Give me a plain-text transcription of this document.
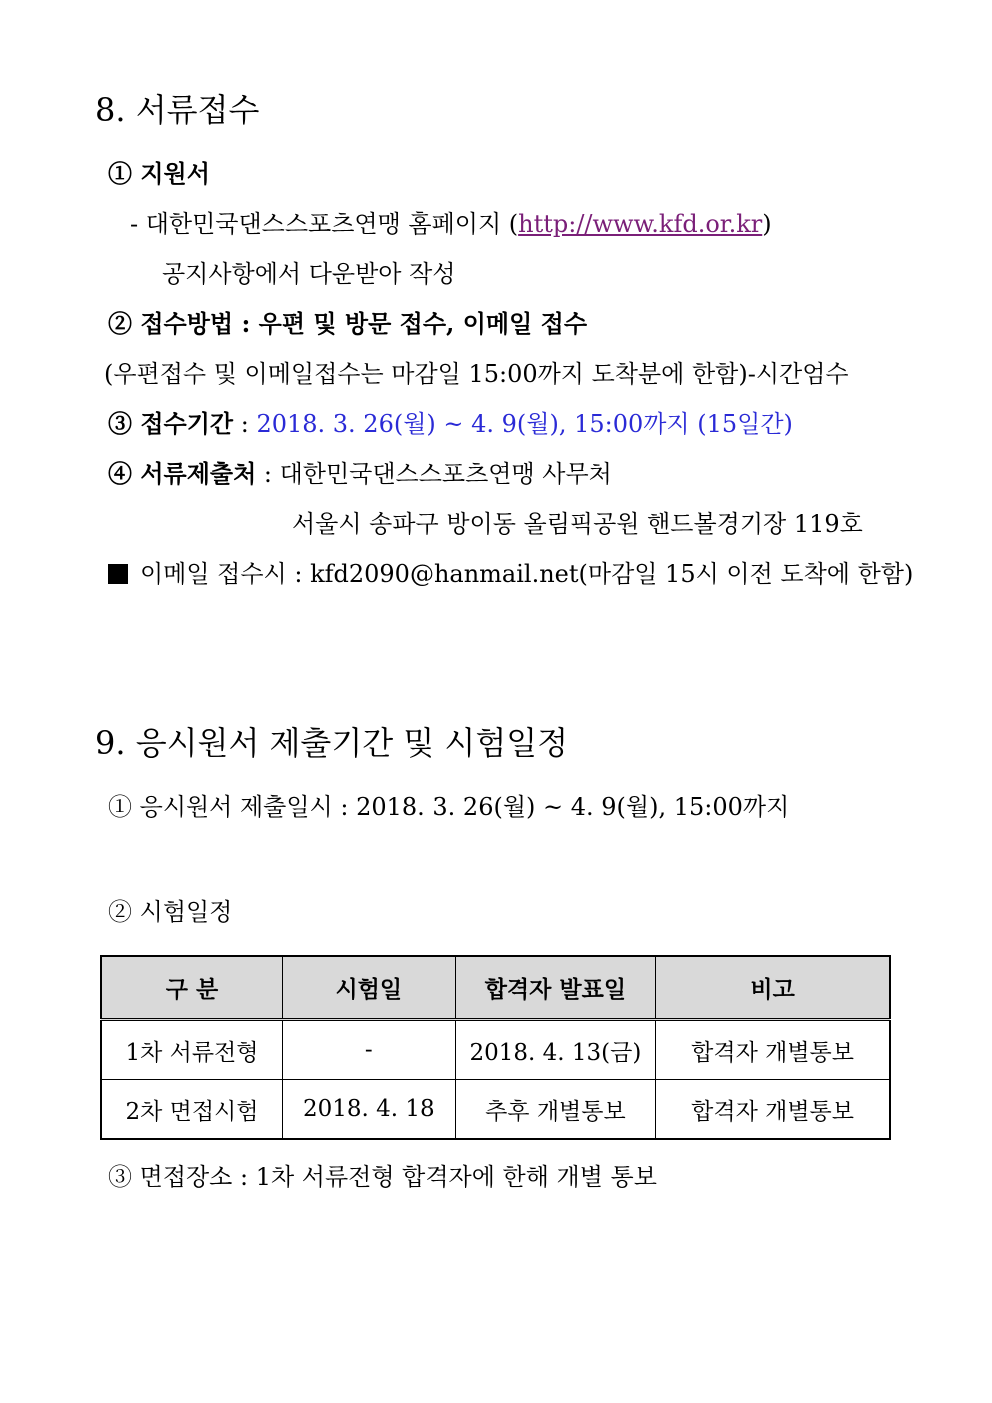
8. 서류접수
① 지원서
- 대한민국댄스스포츠연맹 홈페이지 (http://www.kfd.or.kr)
공지사항에서 다운받아 작성
② 접수방법 : 우편 및 방문 접수, 이메일 접수
(우편접수 및 이메일접수는 마감일 15:00까지 도착분에 한함)-시간엄수
③ 접수기간 : 2018. 3. 26(월) ~ 4. 9(월), 15:00까지 (15일간)
④ 서류제출처 : 대한민국댄스스포츠연맹 사무처
서울시 송파구 방이동 올림픽공원 핸드볼경기장 119호
이메일 접수시 : kfd2090@hanmail.net(마감일 15시 이전 도착에 한함)
9. 응시원서 제출기간 및 시험일정
① 응시원서 제출일시 : 2018. 3. 26(월) ~ 4. 9(월), 15:00까지
② 시험일정
구 분	시험일	합격자 발표일	비고
1차 서류전형	-	2018. 4. 13(금)	합격자 개별통보
2차 면접시험	2018. 4. 18	추후 개별통보	합격자 개별통보
③ 면접장소 : 1차 서류전형 합격자에 한해 개별 통보
